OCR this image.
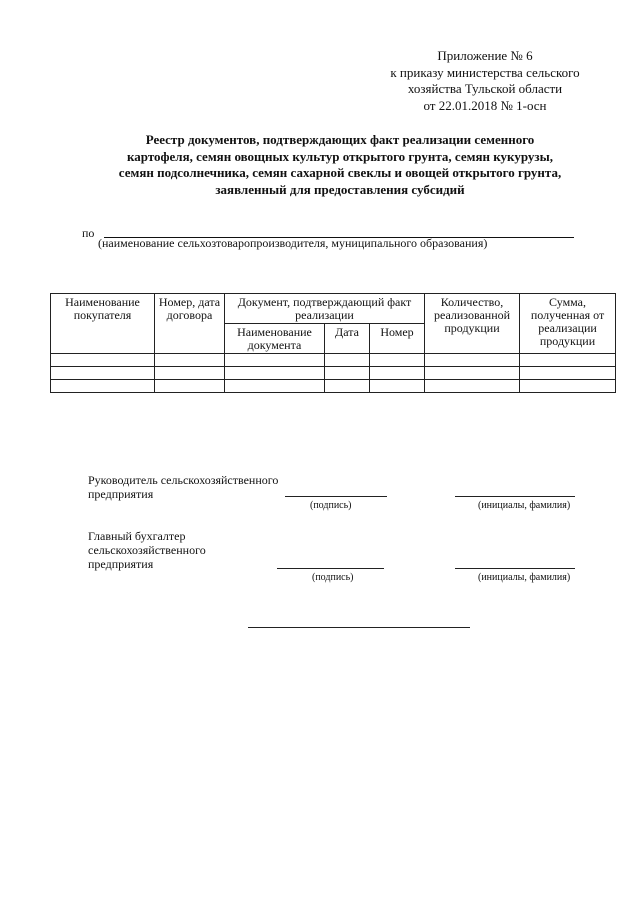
Приложение № 6
к приказу министерства сельского
хозяйства Тульской области
от 22.01.2018 № 1-осн
Реестр документов, подтверждающих факт реализации семенного
картофеля, семян овощных культур открытого грунта, семян кукурузы,
семян подсолнечника, семян сахарной свеклы и овощей открытого грунта,
заявленный для предоставления субсидий
по
(наименование сельхозтоваропроизводителя, муниципального образования)
Наименование покупателя	Номер, дата договора	Документ, подтверждающий факт реализации			Количество, реализованной продукции	Сумма, полученная от реализации продукции
		Наименование документа	Дата	Номер		

Руководитель сельскохозяйственного
предприятия
(подпись)	(инициалы, фамилия)
Главный бухгалтер
сельскохозяйственного
предприятия
(подпись)	(инициалы, фамилия)
